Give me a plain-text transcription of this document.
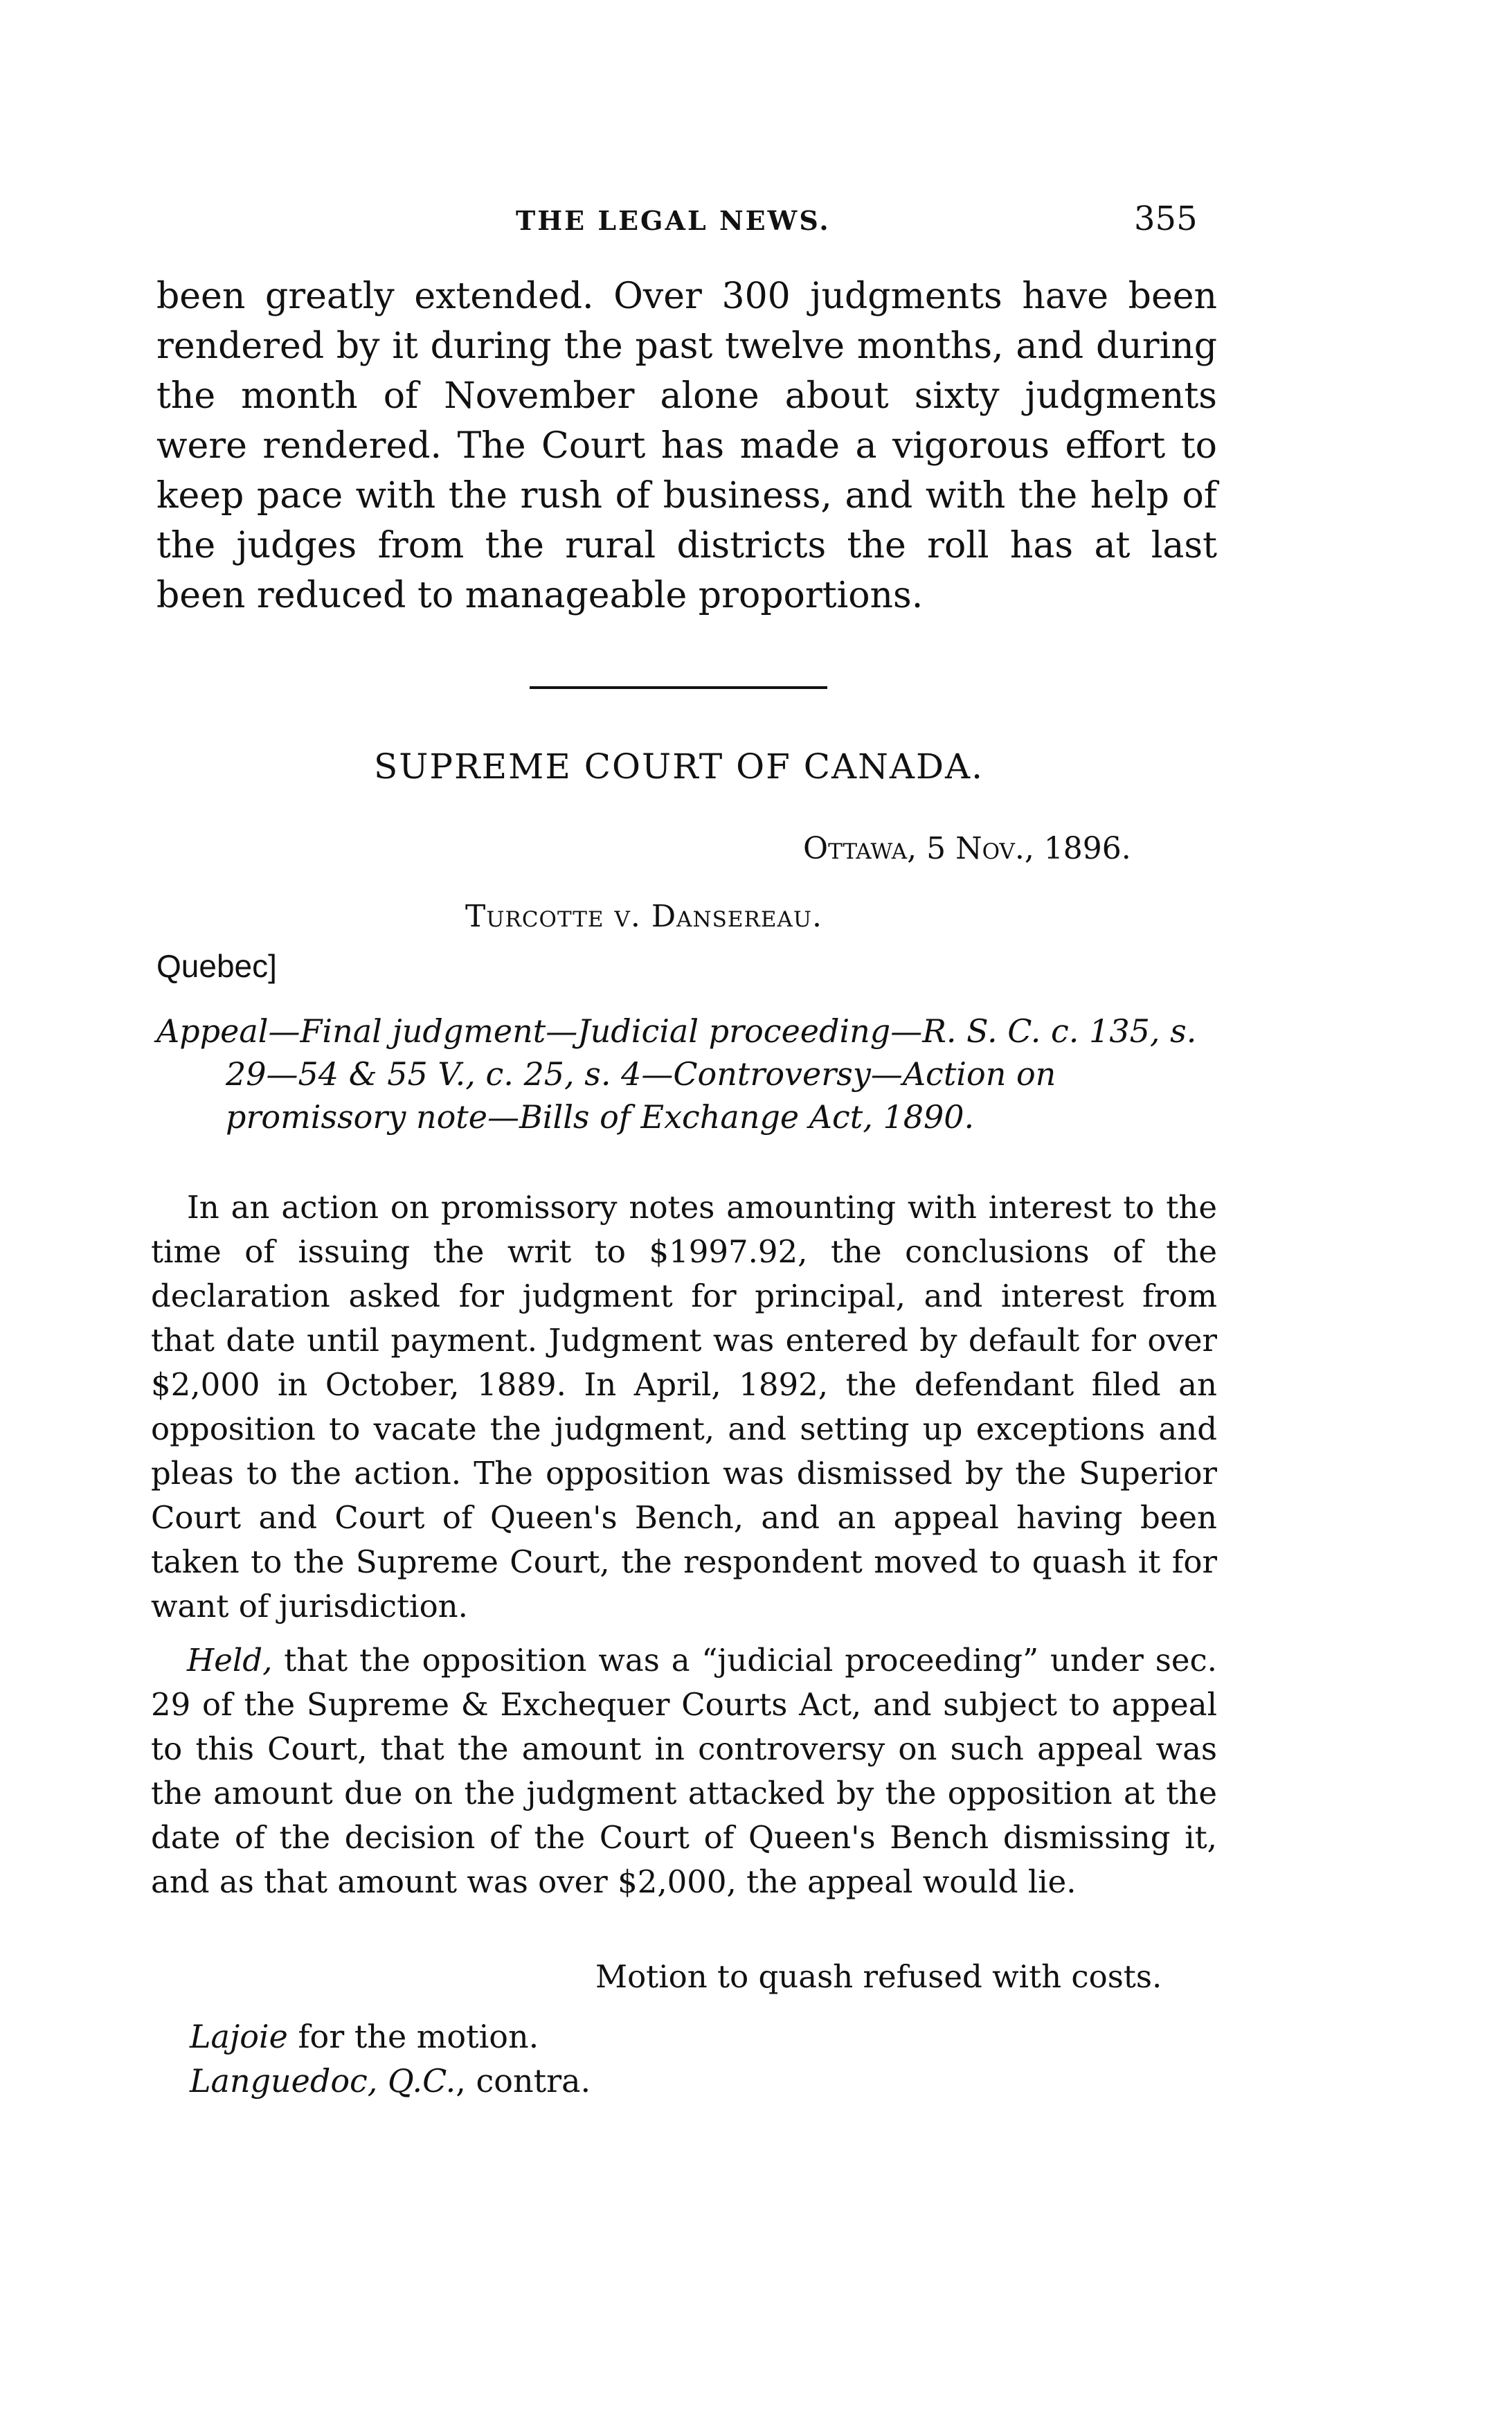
THE LEGAL NEWS.	355
been greatly extended. Over 300 judgments have been rendered by it during the past twelve months, and during the month of November alone about sixty judgments were rendered. The Court has made a vigorous effort to keep pace with the rush of business, and with the help of the judges from the rural districts the roll has at last been reduced to manageable proportions.
SUPREME COURT OF CANADA.
Ottawa, 5 Nov., 1896.
Turcotte v. Dansereau.
Quebec]
Appeal—Final judgment—Judicial proceeding—R. S. C. c. 135, s. 29—54 & 55 V., c. 25, s. 4—Controversy—Action on promissory note—Bills of Exchange Act, 1890.
In an action on promissory notes amounting with interest to the time of issuing the writ to $1997.92, the conclusions of the declaration asked for judgment for principal, and interest from that date until payment. Judgment was entered by default for over $2,000 in October, 1889. In April, 1892, the defendant filed an opposition to vacate the judgment, and setting up exceptions and pleas to the action. The opposition was dismissed by the Superior Court and Court of Queen's Bench, and an appeal having been taken to the Supreme Court, the respondent moved to quash it for want of jurisdiction.
Held, that the opposition was a “judicial proceeding” under sec. 29 of the Supreme & Exchequer Courts Act, and subject to appeal to this Court, that the amount in controversy on such appeal was the amount due on the judgment attacked by the opposition at the date of the decision of the Court of Queen's Bench dismissing it, and as that amount was over $2,000, the appeal would lie.
Motion to quash refused with costs.
Lajoie for the motion.
Languedoc, Q.C., contra.
